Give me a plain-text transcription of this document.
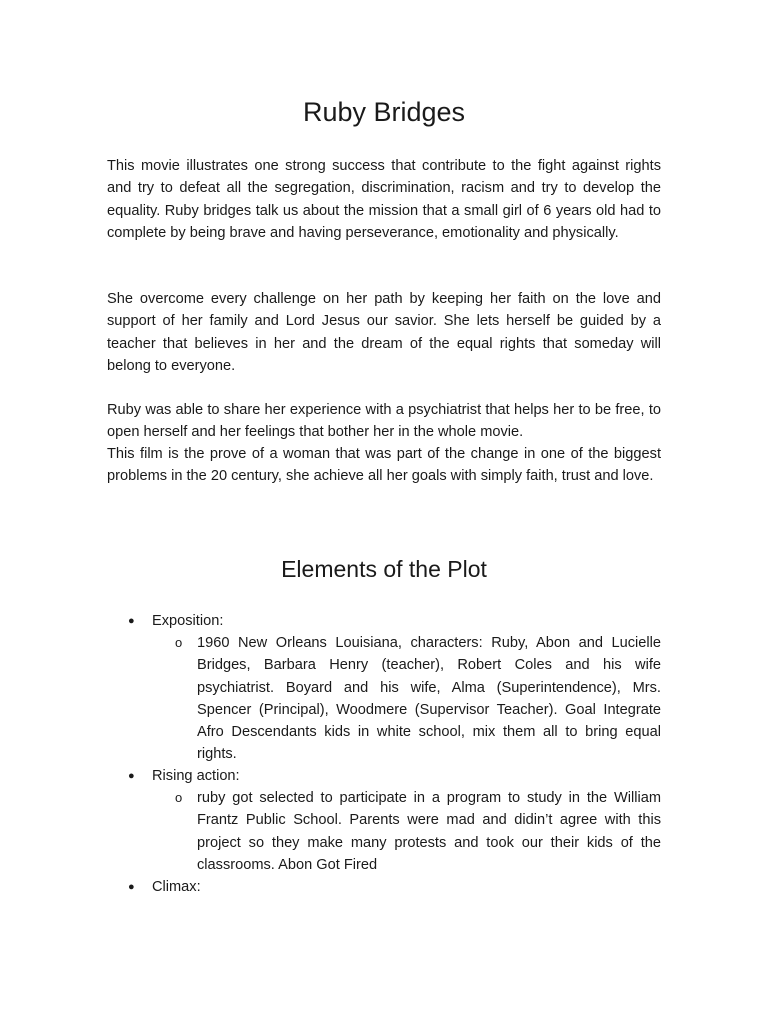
Ruby Bridges

This movie illustrates one strong success that contribute to the fight against rights and try to defeat all the segregation, discrimination, racism and try to develop the equality. Ruby bridges talk us about the mission that a small girl of 6 years old had to complete by being brave and having perseverance, emotionality and physically.

She overcome every challenge on her path by keeping her faith on the love and support of her family and Lord Jesus our savior. She lets herself be guided by a teacher that believes in her and the dream of the equal rights that someday will belong to everyone.

Ruby was able to share her experience with a psychiatrist that helps her to be free, to open herself and her feelings that bother her in the whole movie.

This film is the prove of a woman that was part of the change in one of the biggest problems in the 20 century, she achieve all her goals with simply faith, trust and love.

Elements of the Plot
●	Exposition:
o	1960 New Orleans Louisiana, characters: Ruby, Abon and Lucielle Bridges, Barbara Henry (teacher), Robert Coles and his wife psychiatrist. Boyard and his wife, Alma (Superintendence), Mrs. Spencer (Principal), Woodmere (Supervisor Teacher). Goal Integrate Afro Descendants kids in white school, mix them all to bring equal rights.
●	Rising action:
o	ruby got selected to participate in a program to study in the William Frantz Public School. Parents were mad and didin’t agree with this project so they make many protests and took our their kids of the classrooms. Abon Got Fired
●	Climax:
